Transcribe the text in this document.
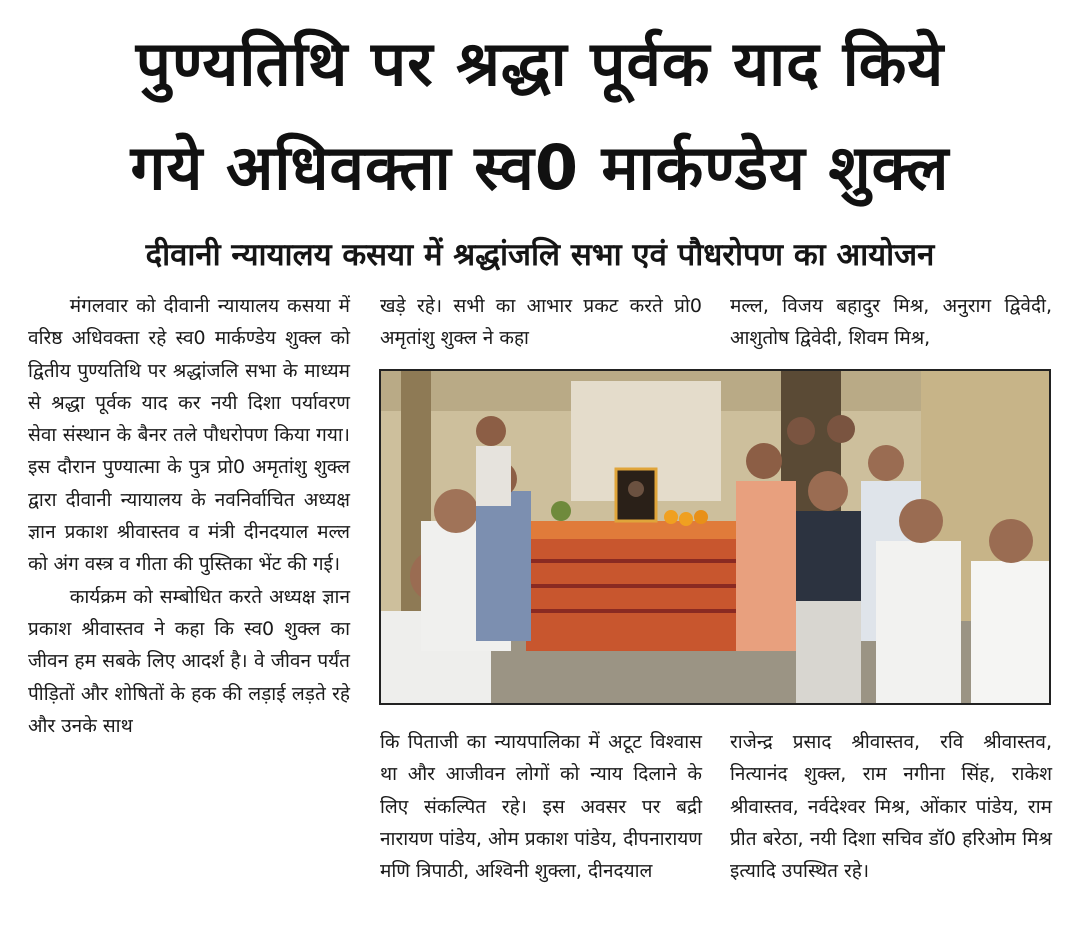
पुण्यतिथि पर श्रद्धा पूर्वक याद किये
गये अधिवक्ता स्व0 मार्कण्डेय शुक्ल
दीवानी न्यायालय कसया में श्रद्धांजलि सभा एवं पौधरोपण का आयोजन

मंगलवार को दीवानी न्यायालय कसया में वरिष्ठ अधिवक्ता रहे स्व0 मार्कण्डेय शुक्ल को द्वितीय पुण्यतिथि पर श्रद्धांजलि सभा के माध्यम से श्रद्धा पूर्वक याद कर नयी दिशा पर्यावरण सेवा संस्थान के बैनर तले पौधरोपण किया गया। इस दौरान पुण्यात्मा के पुत्र प्रो0 अमृतांशु शुक्ल द्वारा दीवानी न्यायालय के नवनिर्वाचित अध्यक्ष ज्ञान प्रकाश श्रीवास्तव व मंत्री दीनदयाल मल्ल को अंग वस्त्र व गीता की पुस्तिका भेंट की गई।

कार्यक्रम को सम्बोधित करते अध्यक्ष ज्ञान प्रकाश श्रीवास्तव ने कहा कि स्व0 शुक्ल का जीवन हम सबके लिए आदर्श है। वे जीवन पर्यंत पीड़ितों और शोषितों के हक की लड़ाई लड़ते रहे और उनके साथ

खड़े रहे। सभी का आभार प्रकट करते प्रो0 अमृतांशु शुक्ल ने कहा

मल्ल, विजय बहादुर मिश्र, अनुराग द्विवेदी, आशुतोष द्विवेदी, शिवम मिश्र,

कि पिताजी का न्यायपालिका में अटूट विश्वास था और आजीवन लोगों को न्याय दिलाने के लिए संकल्पित रहे। इस अवसर पर बद्री नारायण पांडेय, ओम प्रकाश पांडेय, दीपनारायण मणि त्रिपाठी, अश्विनी शुक्ला, दीनदयाल

राजेन्द्र प्रसाद श्रीवास्तव, रवि श्रीवास्तव, नित्यानंद शुक्ल, राम नगीना सिंह, राकेश श्रीवास्तव, नर्वदेश्वर मिश्र, ओंकार पांडेय, राम प्रीत बरेठा, नयी दिशा सचिव डॉ0 हरिओम मिश्र इत्यादि उपस्थित रहे।
